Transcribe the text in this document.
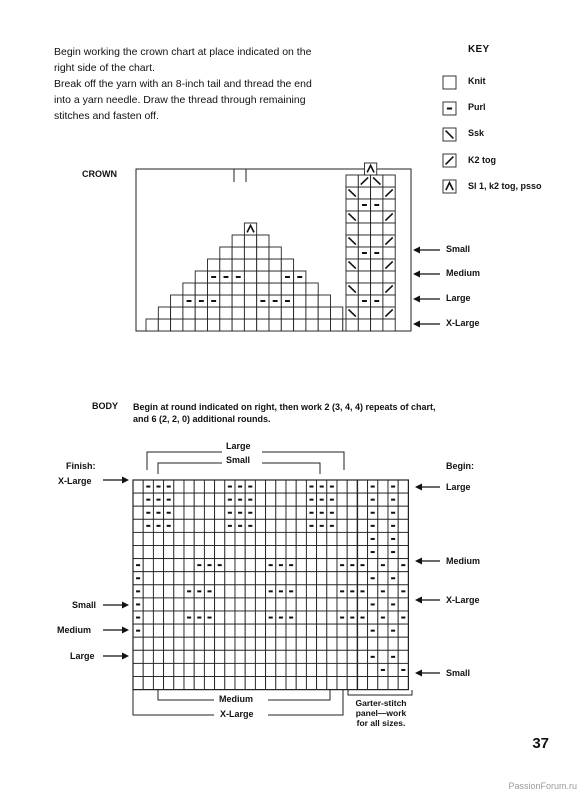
Begin working the crown chart at place indicated on the

right side of the chart.

Break off the yarn with an 8-inch tail and thread the end

into a yarn needle. Draw the thread through remaining

stitches and fasten off.

KEY
Knit
Purl
Ssk
K2 tog
Sl 1, k2 tog, psso
CROWN
Small
Medium
Large
X-Large
BODY Begin at round indicated on right, then work 2 (3, 4, 4) repeats of chart,
and 6 (2, 2, 0) additional rounds.
Large
Small
Finish:
X-Large
Begin:
Large
Medium
X-Large
Small
Small
Medium
Large
Medium
X-Large
Garter-stitch
panel—work
for all sizes.
37
PassionForum.ru
